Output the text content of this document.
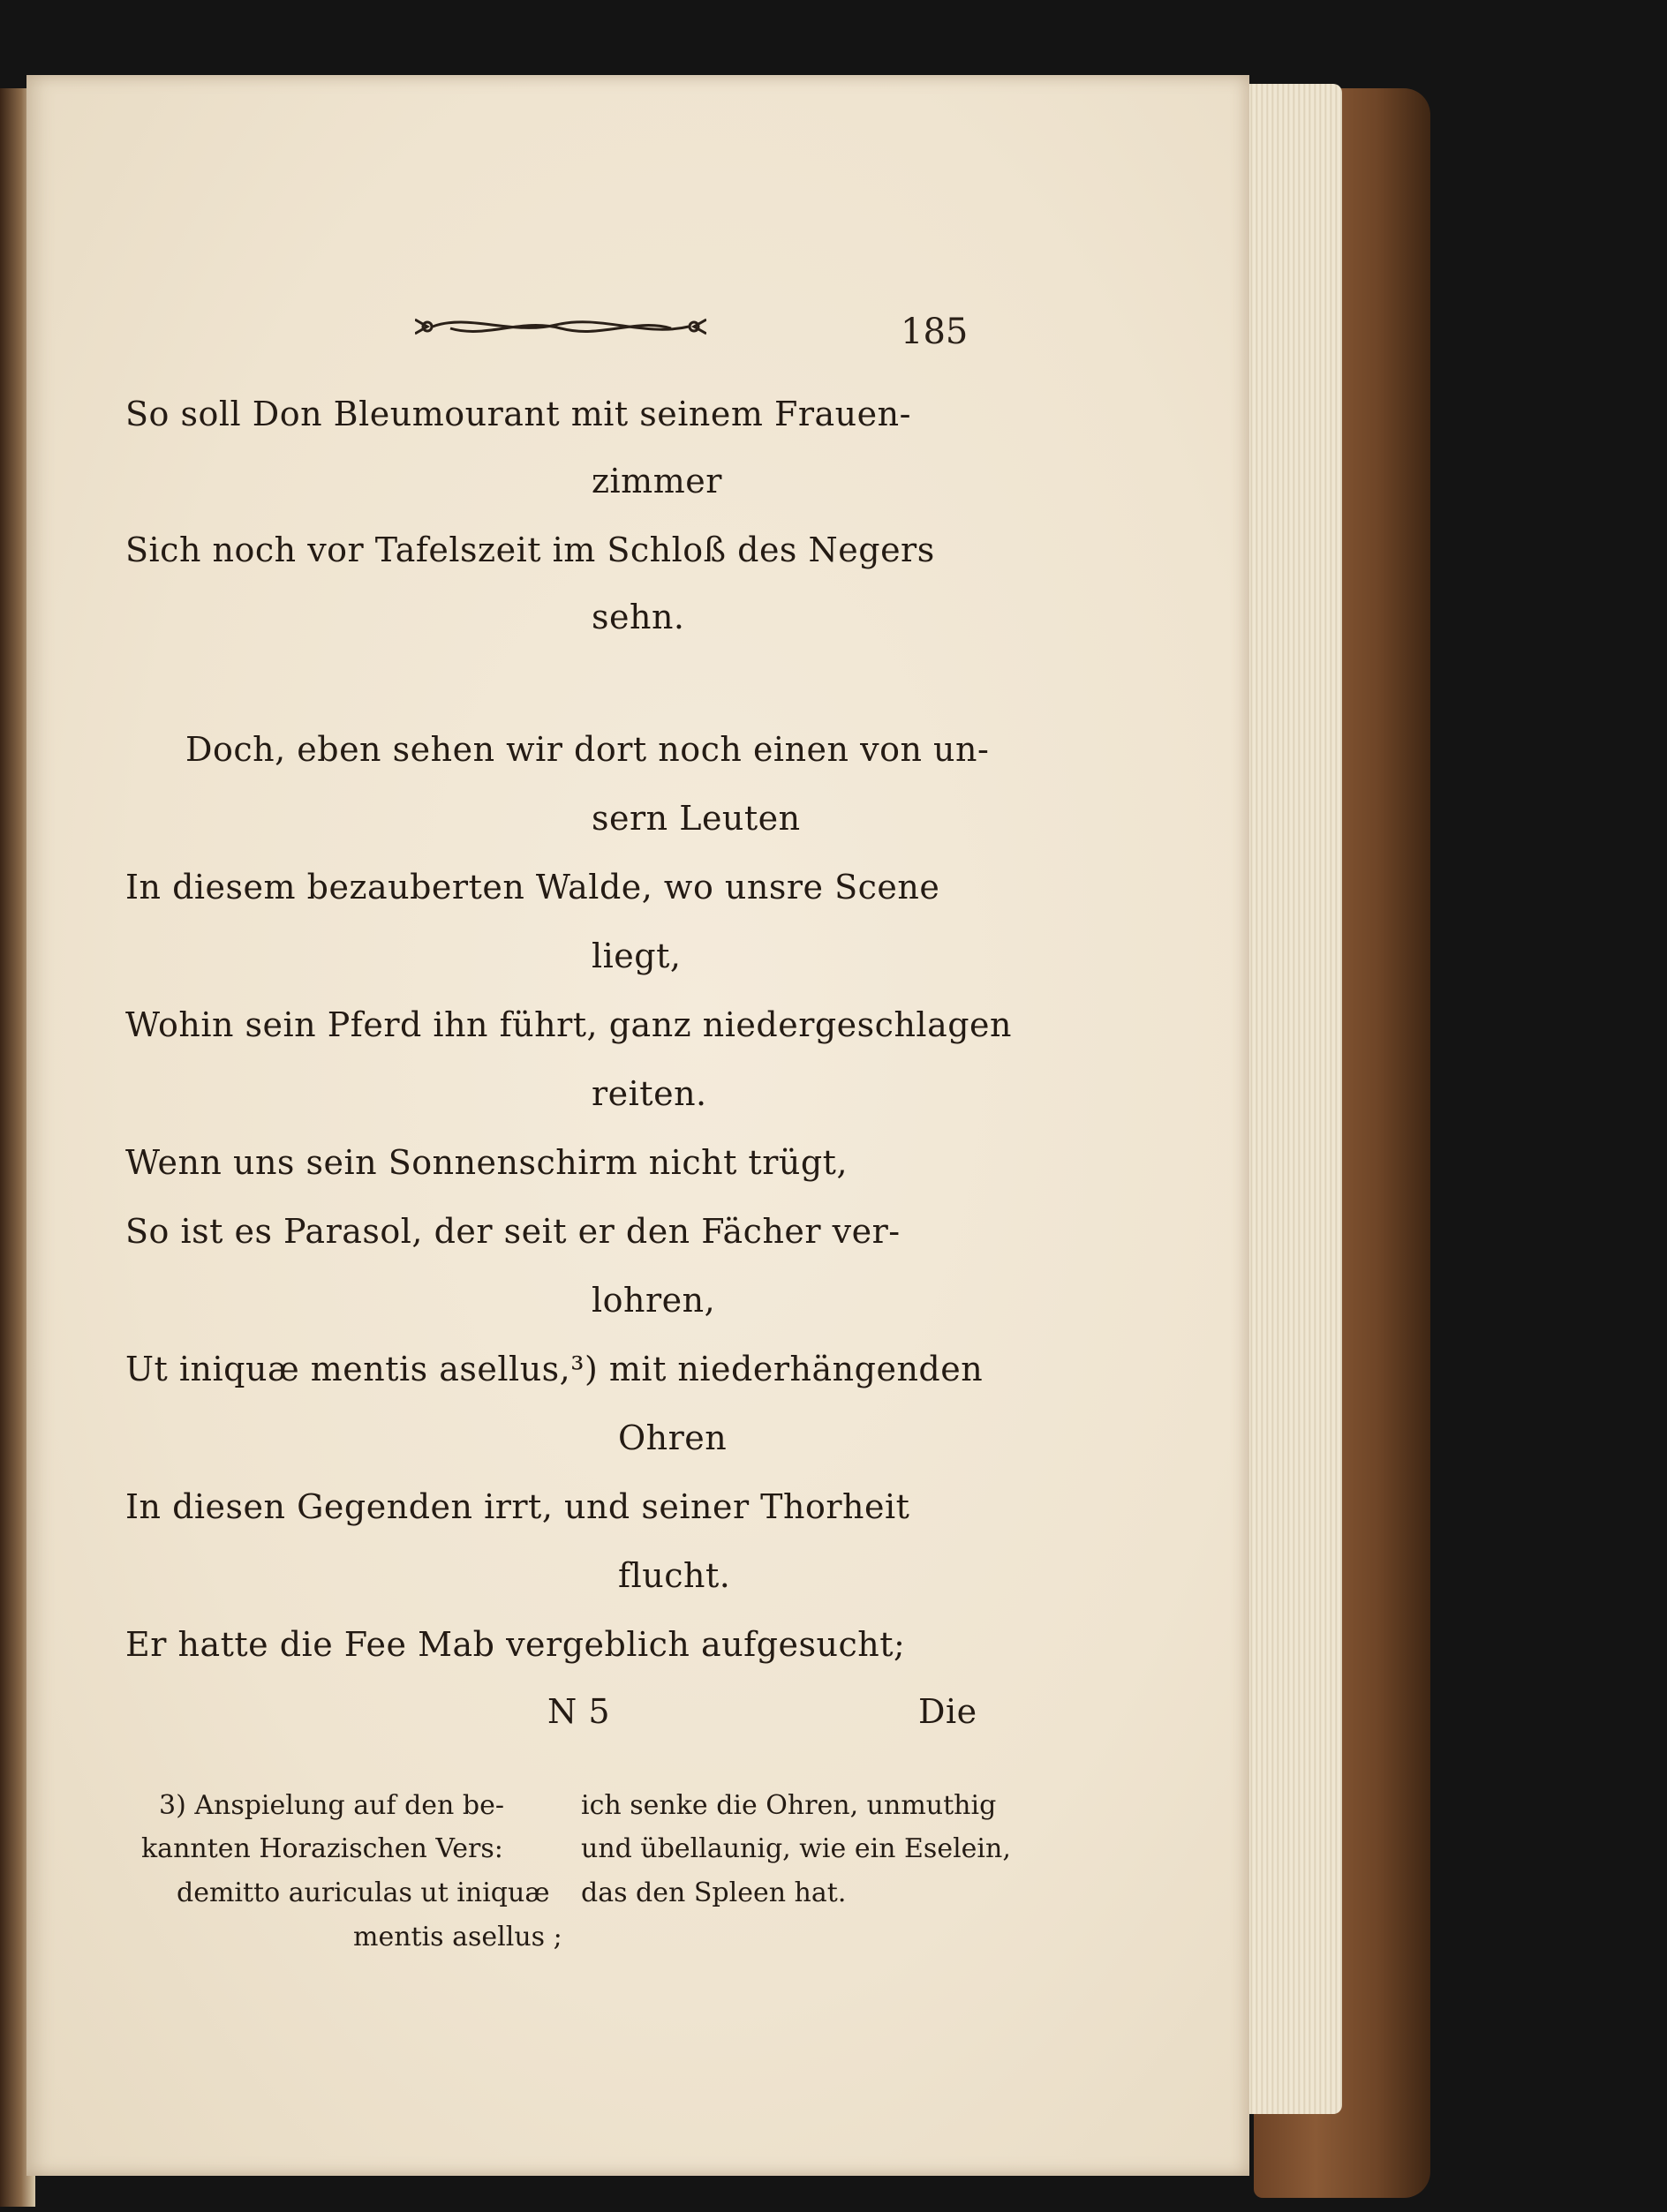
185
So soll Don Bleumourant mit seinem Frauen-
zimmer
Sich noch vor Tafelszeit im Schloß des Negers
sehn.
Doch, eben sehen wir dort noch einen von un-
sern Leuten
In diesem bezauberten Walde, wo unsre Scene
liegt,
Wohin sein Pferd ihn führt, ganz niedergeschlagen
reiten.
Wenn uns sein Sonnenschirm nicht trügt,
So ist es Parasol, der seit er den Fächer ver-
lohren,
Ut iniquæ mentis asellus,³) mit niederhängenden
Ohren
In diesen Gegenden irrt, und seiner Thorheit
flucht.
Er hatte die Fee Mab vergeblich aufgesucht;
N 5	Die
3) Anspielung auf den be-
kannten Horazischen Vers:
demitto auriculas ut iniquæ
mentis asellus ;
ich senke die Ohren, unmuthig
und übellaunig, wie ein Eselein,
das den Spleen hat.
